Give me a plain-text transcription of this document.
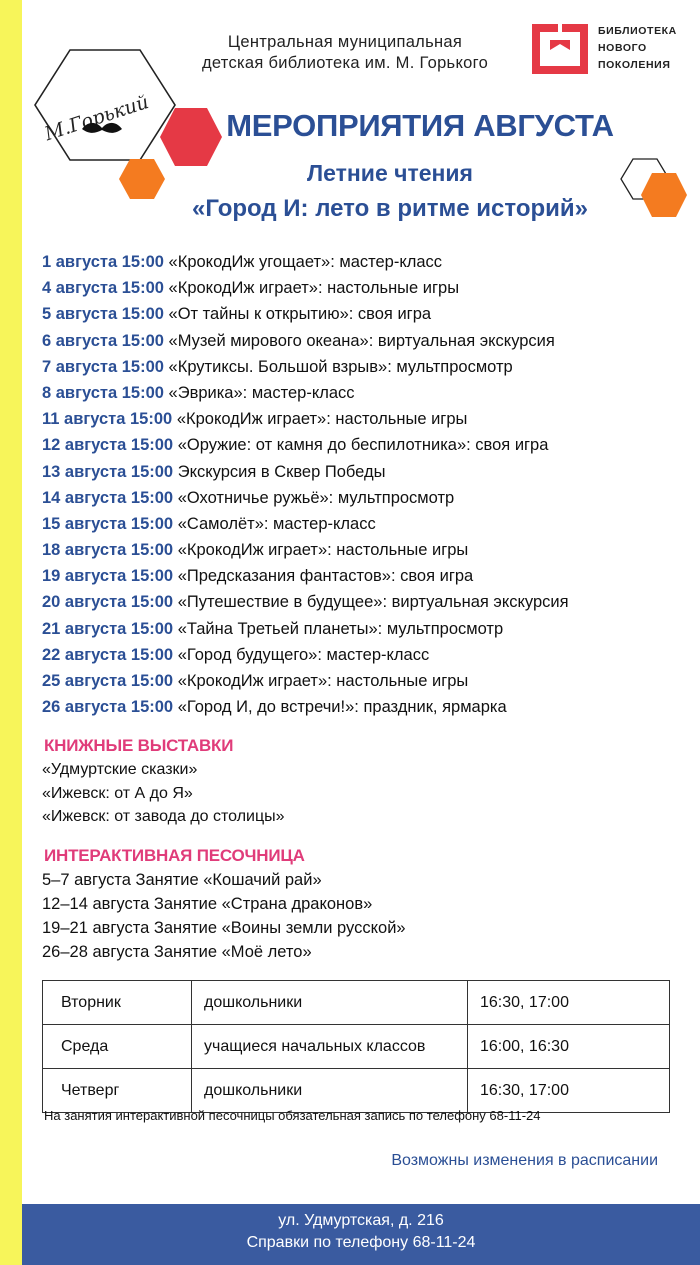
М.Горький
Центральная муниципальная
детская библиотека им. М. Горького
БИБЛИОТЕКА
НОВОГО
ПОКОЛЕНИЯ
МЕРОПРИЯТИЯ АВГУСТА
Летние чтения
«Город И: лето в ритме историй»
1 августа 15:00 «КрокодИж угощает»: мастер-класс
4 августа 15:00 «КрокодИж играет»: настольные игры
5 августа 15:00 «От тайны к открытию»: своя игра
6 августа 15:00 «Музей мирового океана»: виртуальная экскурсия
7 августа 15:00 «Крутиксы. Большой взрыв»: мультпросмотр
8 августа 15:00 «Эврика»: мастер-класс
11 августа 15:00 «КрокодИж играет»: настольные игры
12 августа 15:00 «Оружие: от камня до беспилотника»: своя игра
13 августа 15:00 Экскурсия в Сквер Победы
14 августа 15:00 «Охотничье ружьё»: мультпросмотр
15 августа 15:00 «Самолёт»: мастер-класс
18 августа 15:00 «КрокодИж играет»: настольные игры
19 августа 15:00 «Предсказания фантастов»: своя игра
20 августа 15:00 «Путешествие в будущее»: виртуальная экскурсия
21 августа 15:00 «Тайна Третьей планеты»: мультпросмотр
22 августа 15:00 «Город будущего»: мастер-класс
25 августа 15:00 «КрокодИж играет»: настольные игры
26 августа 15:00 «Город И, до встречи!»: праздник, ярмарка
КНИЖНЫЕ ВЫСТАВКИ
«Удмуртские сказки»
«Ижевск: от А до Я»
«Ижевск: от завода до столицы»
ИНТЕРАКТИВНАЯ ПЕСОЧНИЦА
5–7 августа Занятие «Кошачий рай»
12–14 августа Занятие «Страна драконов»
19–21 августа Занятие «Воины земли русской»
26–28 августа Занятие «Моё лето»
Вторник	дошкольники	16:30, 17:00
Среда	учащиеся начальных классов	16:00, 16:30
Четверг	дошкольники	16:30, 17:00
На занятия интерактивной песочницы обязательная запись по телефону 68-11-24
Возможны изменения в расписании
ул. Удмуртская, д. 216
Справки по телефону 68-11-24
